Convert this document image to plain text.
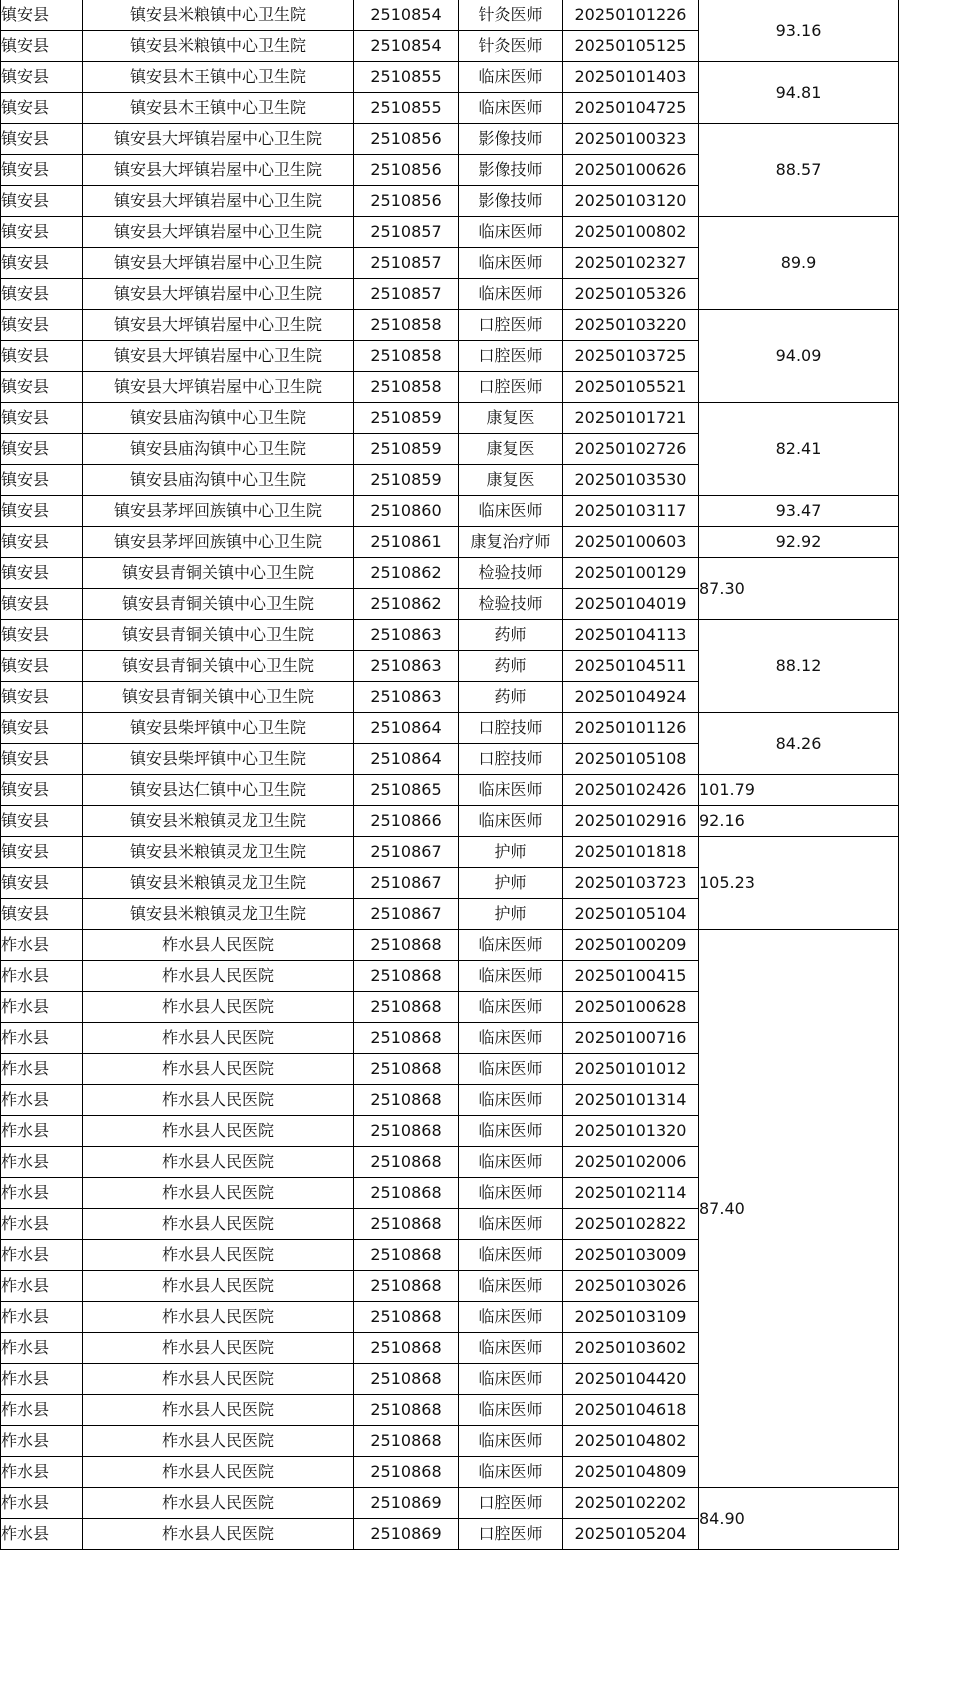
镇安县	镇安县米粮镇中心卫生院	2510854	针灸医师	20250101226	93.16
镇安县	镇安县米粮镇中心卫生院	2510854	针灸医师	20250105125	
镇安县	镇安县木王镇中心卫生院	2510855	临床医师	20250101403	94.81
镇安县	镇安县木王镇中心卫生院	2510855	临床医师	20250104725	
镇安县	镇安县大坪镇岩屋中心卫生院	2510856	影像技师	20250100323	88.57
镇安县	镇安县大坪镇岩屋中心卫生院	2510856	影像技师	20250100626	
镇安县	镇安县大坪镇岩屋中心卫生院	2510856	影像技师	20250103120	
镇安县	镇安县大坪镇岩屋中心卫生院	2510857	临床医师	20250100802	89.9
镇安县	镇安县大坪镇岩屋中心卫生院	2510857	临床医师	20250102327	
镇安县	镇安县大坪镇岩屋中心卫生院	2510857	临床医师	20250105326	
镇安县	镇安县大坪镇岩屋中心卫生院	2510858	口腔医师	20250103220	94.09
镇安县	镇安县大坪镇岩屋中心卫生院	2510858	口腔医师	20250103725	
镇安县	镇安县大坪镇岩屋中心卫生院	2510858	口腔医师	20250105521	
镇安县	镇安县庙沟镇中心卫生院	2510859	康复医	20250101721	82.41
镇安县	镇安县庙沟镇中心卫生院	2510859	康复医	20250102726	
镇安县	镇安县庙沟镇中心卫生院	2510859	康复医	20250103530	
镇安县	镇安县茅坪回族镇中心卫生院	2510860	临床医师	20250103117	93.47
镇安县	镇安县茅坪回族镇中心卫生院	2510861	康复治疗师	20250100603	92.92
镇安县	镇安县青铜关镇中心卫生院	2510862	检验技师	20250100129	87.30
镇安县	镇安县青铜关镇中心卫生院	2510862	检验技师	20250104019	
镇安县	镇安县青铜关镇中心卫生院	2510863	药师	20250104113	88.12
镇安县	镇安县青铜关镇中心卫生院	2510863	药师	20250104511	
镇安县	镇安县青铜关镇中心卫生院	2510863	药师	20250104924	
镇安县	镇安县柴坪镇中心卫生院	2510864	口腔技师	20250101126	84.26
镇安县	镇安县柴坪镇中心卫生院	2510864	口腔技师	20250105108	
镇安县	镇安县达仁镇中心卫生院	2510865	临床医师	20250102426	101.79
镇安县	镇安县米粮镇灵龙卫生院	2510866	临床医师	20250102916	92.16
镇安县	镇安县米粮镇灵龙卫生院	2510867	护师	20250101818	105.23
镇安县	镇安县米粮镇灵龙卫生院	2510867	护师	20250103723	
镇安县	镇安县米粮镇灵龙卫生院	2510867	护师	20250105104	
柞水县	柞水县人民医院	2510868	临床医师	20250100209	87.40
柞水县	柞水县人民医院	2510868	临床医师	20250100415	
柞水县	柞水县人民医院	2510868	临床医师	20250100628	
柞水县	柞水县人民医院	2510868	临床医师	20250100716	
柞水县	柞水县人民医院	2510868	临床医师	20250101012	
柞水县	柞水县人民医院	2510868	临床医师	20250101314	
柞水县	柞水县人民医院	2510868	临床医师	20250101320	
柞水县	柞水县人民医院	2510868	临床医师	20250102006	
柞水县	柞水县人民医院	2510868	临床医师	20250102114	
柞水县	柞水县人民医院	2510868	临床医师	20250102822	
柞水县	柞水县人民医院	2510868	临床医师	20250103009	
柞水县	柞水县人民医院	2510868	临床医师	20250103026	
柞水县	柞水县人民医院	2510868	临床医师	20250103109	
柞水县	柞水县人民医院	2510868	临床医师	20250103602	
柞水县	柞水县人民医院	2510868	临床医师	20250104420	
柞水县	柞水县人民医院	2510868	临床医师	20250104618	
柞水县	柞水县人民医院	2510868	临床医师	20250104802	
柞水县	柞水县人民医院	2510868	临床医师	20250104809	
柞水县	柞水县人民医院	2510869	口腔医师	20250102202	84.90
柞水县	柞水县人民医院	2510869	口腔医师	20250105204	
